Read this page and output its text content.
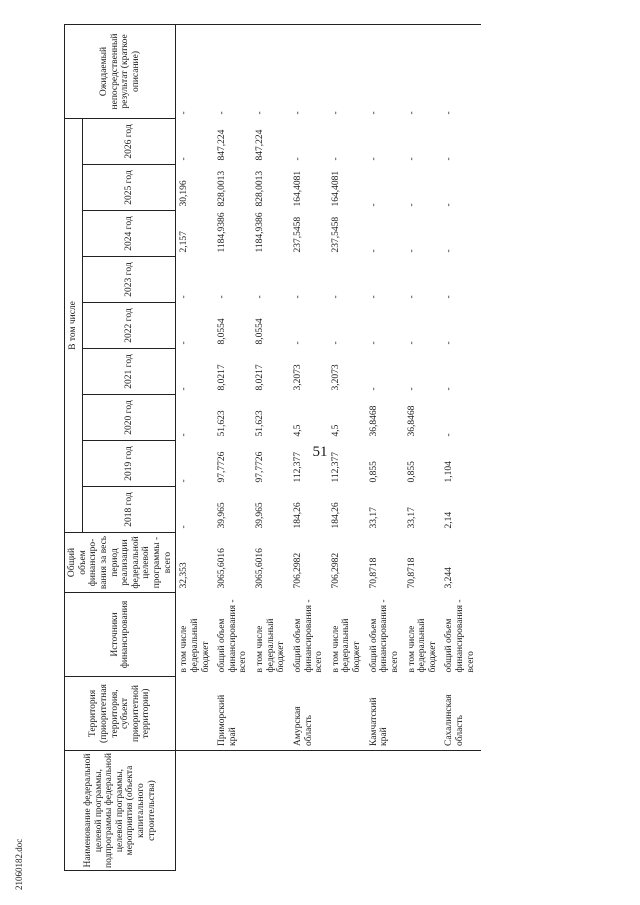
51
21060182.doc	Наименование федеральной целевой программы, подпрограммы федеральной целевой программы, мероприятия (объекта капитального строительства)	Территория (приоритетная территория, субъект приоритетной территории)	Источники финансирования	Общий объем финансиро-вания за весь период реализации федеральной целевой программы - всего	В том числе									Ожидаемый непосредственный результат (краткое описание)
				2018 год	2019 год	2020 год	2021 год	2022 год	2023 год	2024 год	2025 год	2026 год	
		в том числе федеральный бюджет	32,353	-	-	-	-	-	-	2,157	30,196	-	-
	Приморский край	общий объем финансирования - всего	3065,6016	39,965	97,7726	51,623	8,0217	8,0554	-	1184,9386	828,0013	847,224	-
		в том числе федеральный бюджет	3065,6016	39,965	97,7726	51,623	8,0217	8,0554	-	1184,9386	828,0013	847,224	-
	Амурская область	общий объем финансирования - всего	706,2982	184,26	112,377	4,5	3,2073	-	-	237,5458	164,4081	-	-
		в том числе федеральный бюджет	706,2982	184,26	112,377	4,5	3,2073	-	-	237,5458	164,4081	-	-
	Камчатский край	общий объем финансирования - всего	70,8718	33,17	0,855	36,8468	-	-	-	-	-	-	-
		в том числе федеральный бюджет	70,8718	33,17	0,855	36,8468	-	-	-	-	-	-	-
	Сахалинская область	общий объем финансирования - всего	3,244	2,14	1,104	-	-	-	-	-	-	-	-
